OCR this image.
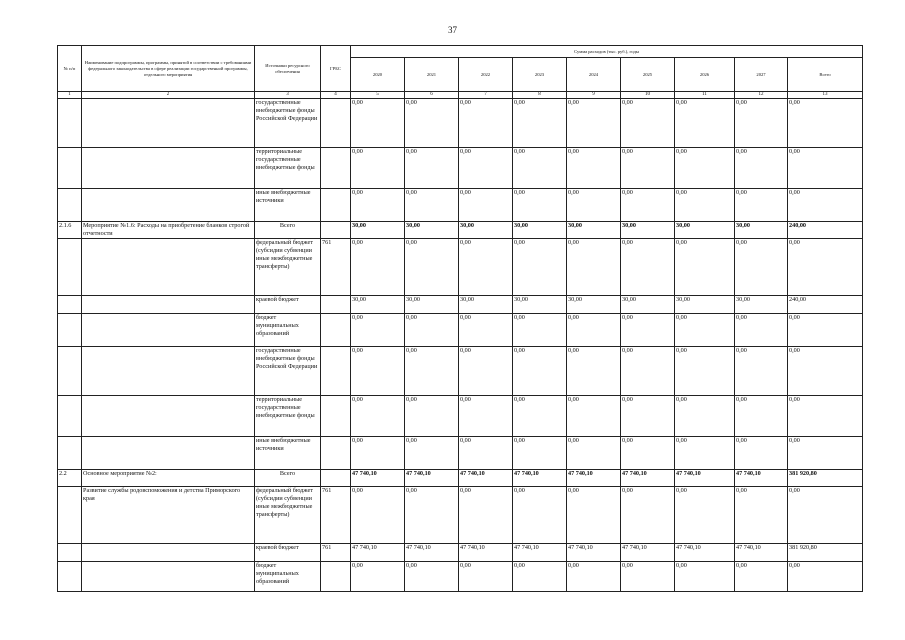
37
№ п/п	Наименование подпрограммы, программы, принятой в соответствии с требованиями федерального законодательства в сфере реализации государственной программы, отдельного мероприятия	Источники ресурсного обеспечения	ГРБС	Сумма расходов (тыс. руб.), годы								
				2020	2021	2022	2023	2024	2025	2026	2027	Всего
1	2	3	4	5	6	7	8	9	10	11	12	13
		государственные внебюджетные фонды Российской Федерации		0,00	0,00	0,00	0,00	0,00	0,00	0,00	0,00	0,00
		территориальные государственные внебюджетные фонды		0,00	0,00	0,00	0,00	0,00	0,00	0,00	0,00	0,00
		иные внебюджетные источники		0,00	0,00	0,00	0,00	0,00	0,00	0,00	0,00	0,00
2.1.6	Мероприятие №1.6: Расходы на приобретение бланков строгой отчетности	Всего		30,00	30,00	30,00	30,00	30,00	30,00	30,00	30,00	240,00
		федеральный бюджет (субсидии субвенции иные межбюджетные трансферты)	761	0,00	0,00	0,00	0,00	0,00	0,00	0,00	0,00	0,00
		краевой бюджет		30,00	30,00	30,00	30,00	30,00	30,00	30,00	30,00	240,00
		бюджет муниципальных образований		0,00	0,00	0,00	0,00	0,00	0,00	0,00	0,00	0,00
		государственные внебюджетные фонды Российской Федерации		0,00	0,00	0,00	0,00	0,00	0,00	0,00	0,00	0,00
		территориальные государственные внебюджетные фонды		0,00	0,00	0,00	0,00	0,00	0,00	0,00	0,00	0,00
		иные внебюджетные источники		0,00	0,00	0,00	0,00	0,00	0,00	0,00	0,00	0,00
2.2	Основное мероприятие №2:	Всего		47 740,10	47 740,10	47 740,10	47 740,10	47 740,10	47 740,10	47 740,10	47 740,10	381 920,80
	Развитие службы родовспоможения и детства Приморского края	федеральный бюджет (субсидии субвенции иные межбюджетные трансферты)	761	0,00	0,00	0,00	0,00	0,00	0,00	0,00	0,00	0,00
		краевой бюджет	761	47 740,10	47 740,10	47 740,10	47 740,10	47 740,10	47 740,10	47 740,10	47 740,10	381 920,80
		бюджет муниципальных образований		0,00	0,00	0,00	0,00	0,00	0,00	0,00	0,00	0,00
